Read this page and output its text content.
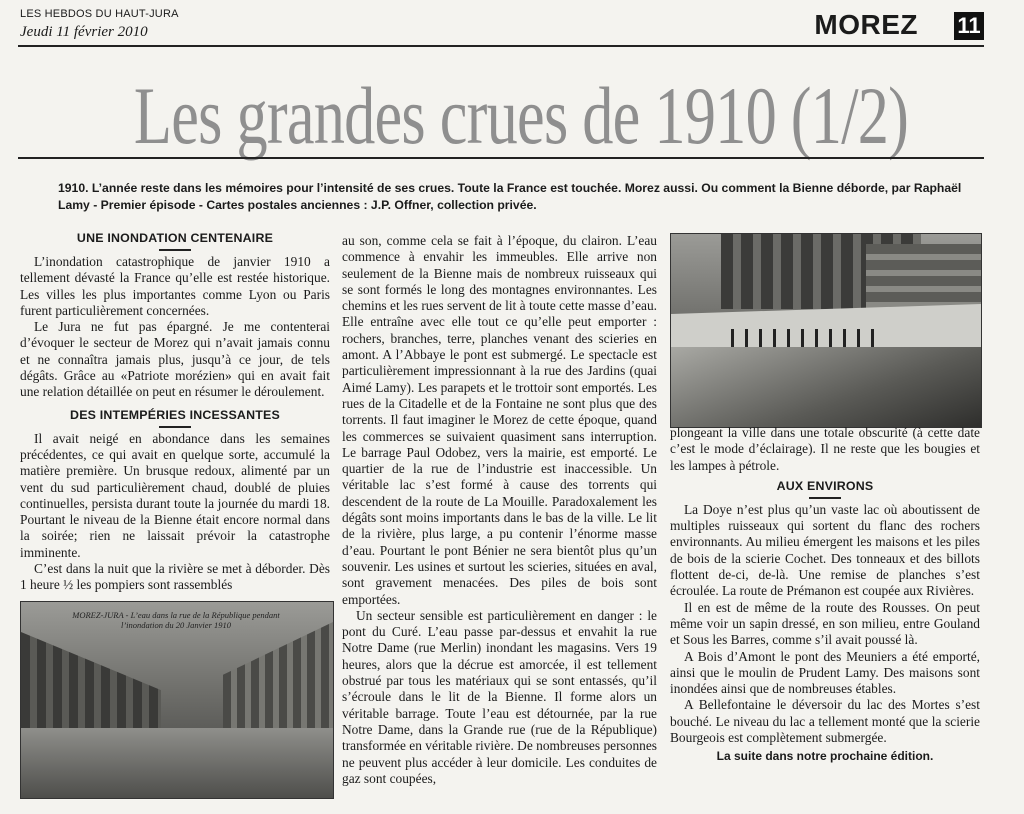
LES HEBDOS DU HAUT-JURA
Jeudi 11 février 2010	MOREZ 11
Les grandes crues de 1910 (1/2)
1910. L’année reste dans les mémoires pour l’intensité de ses crues. Toute la France est touchée. Morez aussi. Ou comment la Bienne déborde, par Raphaël Lamy - Premier épisode - Cartes postales anciennes : J.P. Offner, collection privée.
UNE INONDATION CENTENAIRE

L’inondation catastrophique de janvier 1910 a tellement dévasté la France qu’elle est restée historique. Les villes les plus importantes comme Lyon ou Paris furent particulièrement concernées.

Le Jura ne fut pas épargné. Je me contenterai d’évoquer le secteur de Morez qui n’avait jamais connu et ne connaîtra jamais plus, jusqu’à ce jour, de tels dégâts. Grâce au «Patriote morézien» qui en avait fait une relation détaillée on peut en résumer le déroulement.

DES INTEMPÉRIES INCESSANTES

Il avait neigé en abondance dans les semaines précédentes, ce qui avait en quelque sorte, accumulé la matière première. Un brusque redoux, alimenté par un vent du sud particulièrement chaud, doublé de pluies continuelles, persista durant toute la journée du mardi 18. Pourtant le niveau de la Bienne était encore normal dans la soirée; rien ne laissait prévoir la catastrophe imminente.

C’est dans la nuit que la rivière se met à déborder. Dès 1 heure ½ les pompiers sont rassemblés

MOREZ-JURA - L’eau dans la rue de la République pendant l’inondation du 20 Janvier 1910

au son, comme cela se fait à l’époque, du clairon. L’eau commence à envahir les immeubles. Elle arrive non seulement de la Bienne mais de nombreux ruisseaux qui se sont formés le long des montagnes environnantes. Les chemins et les rues servent de lit à toute cette masse d’eau. Elle entraîne avec elle tout ce qu’elle peut emporter : rochers, branches, terre, planches venant des scieries en amont. A l’Abbaye le pont est submergé. Le spectacle est particulièrement impressionnant à la rue des Jardins (quai Aimé Lamy). Les parapets et le trottoir sont emportés. Les rues de la Citadelle et de la Fontaine ne sont plus que des torrents. Il faut imaginer le Morez de cette époque, quand les commerces se suivaient quasiment sans interruption. Le barrage Paul Odobez, vers la mairie, est emporté. Le quartier de la rue de l’industrie est inaccessible. Un véritable lac s’est formé à cause des torrents qui descendent de la route de La Mouille. Paradoxalement les dégâts sont moins importants dans le bas de la ville. Le lit de la rivière, plus large, a pu contenir l’énorme masse d’eau. Pourtant le pont Bénier ne sera bientôt plus qu’un souvenir. Les usines et surtout les scieries, situées en aval, sont gravement menacées. Des piles de bois sont emportées.

Un secteur sensible est particulièrement en danger : le pont du Curé. L’eau passe par-dessus et envahit la rue Notre Dame (rue Merlin) inondant les magasins. Vers 19 heures, alors que la décrue est amorcée, il est tellement obstrué par tous les matériaux qui se sont entassés, qu’il s’écroule dans le lit de la Bienne. Il forme alors un véritable barrage. Toute l’eau est détournée, par la rue Notre Dame, dans la Grande rue (rue de la République) transformée en véritable rivière. De nombreuses personnes ne peuvent plus accéder à leur domicile. Les conduites de gaz sont coupées,

plongeant la ville dans une totale obscurité (à cette date c’est le mode d’éclairage). Il ne reste que les bougies et les lampes à pétrole.

AUX ENVIRONS

La Doye n’est plus qu’un vaste lac où aboutissent de multiples ruisseaux qui sortent du flanc des rochers environnants. Au milieu émergent les maisons et les piles de bois de la scierie Cochet. Des tonneaux et des billots flottent de-ci, de-là. Une remise de planches s’est écroulée. La route de Prémanon est coupée aux Rivières.

Il en est de même de la route des Rousses. On peut même voir un sapin dressé, en son milieu, entre Gouland et Sous les Barres, comme s’il avait poussé là.

A Bois d’Amont le pont des Meuniers a été emporté, ainsi que le moulin de Prudent Lamy. Des maisons sont inondées ainsi que de nombreuses étables.

A Bellefontaine le déversoir du lac des Mortes s’est bouché. Le niveau du lac a tellement monté que la scierie Bourgeois est complètement submergée.

La suite dans notre prochaine édition.
